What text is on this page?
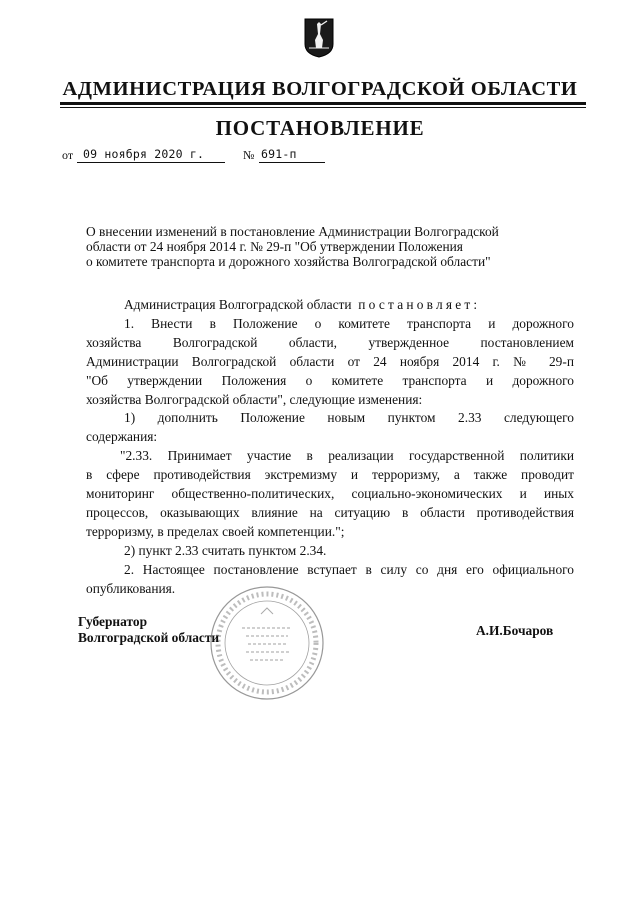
АДМИНИСТРАЦИЯ ВОЛГОГРАДСКОЙ ОБЛАСТИ
ПОСТАНОВЛЕНИЕ
от 09 ноября 2020 г.	№ 691-п
О внесении изменений в постановление Администрации Волгоградской
области от 24 ноября 2014 г. № 29-п "Об утверждении Положения
о комитете транспорта и дорожного хозяйства Волгоградской области"
Администрация Волгоградской области постановляет:
1. Внести в Положение о комитете транспорта и дорожного
хозяйства Волгоградской области, утвержденное постановлением
Администрации Волгоградской области от 24 ноября 2014 г. № 29-п
"Об утверждении Положения о комитете транспорта и дорожного
хозяйства Волгоградской области", следующие изменения:
1) дополнить Положение новым пунктом 2.33 следующего
содержания:
"2.33. Принимает участие в реализации государственной политики
в сфере противодействия экстремизму и терроризму, а также проводит
мониторинг общественно-политических, социально-экономических и иных
процессов, оказывающих влияние на ситуацию в области противодействия
терроризму, в пределах своей компетенции.";
2) пункт 2.33 считать пунктом 2.34.
2. Настоящее постановление вступает в силу со дня его официального
опубликования.
Губернатор
Волгоградской области	А.И.Бочаров
